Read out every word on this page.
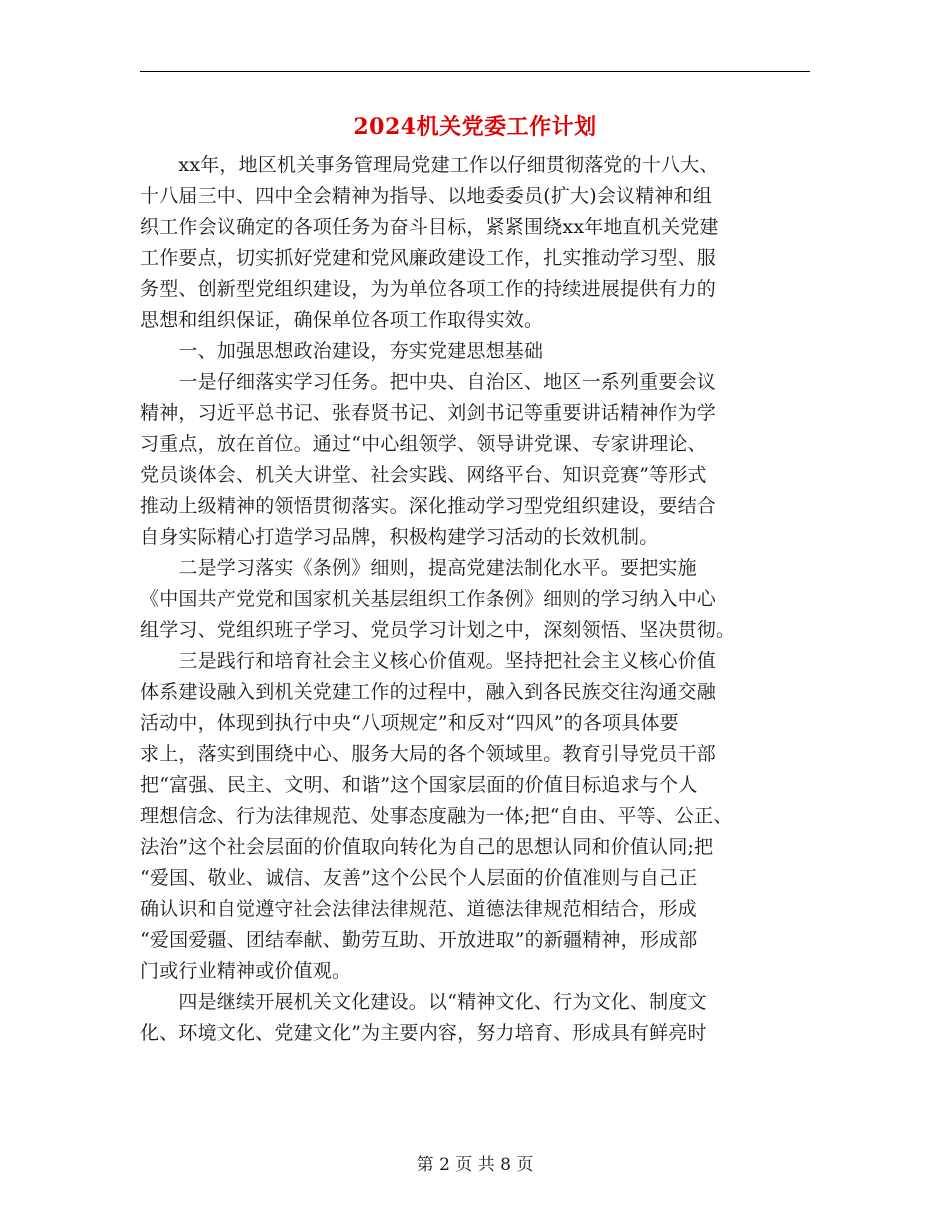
2024机关党委工作计划
　　xx年，地区机关事务管理局党建工作以仔细贯彻落党的十八大、
十八届三中、四中全会精神为指导、以地委委员(扩大)会议精神和组
织工作会议确定的各项任务为奋斗目标，紧紧围绕xx年地直机关党建
工作要点，切实抓好党建和党风廉政建设工作，扎实推动学习型、服
务型、创新型党组织建设，为为单位各项工作的持续进展提供有力的
思想和组织保证，确保单位各项工作取得实效。
　　一、加强思想政治建设，夯实党建思想基础
　　一是仔细落实学习任务。把中央、自治区、地区一系列重要会议
精神，习近平总书记、张春贤书记、刘剑书记等重要讲话精神作为学
习重点，放在首位。通过“中心组领学、领导讲党课、专家讲理论、
党员谈体会、机关大讲堂、社会实践、网络平台、知识竞赛”等形式
推动上级精神的领悟贯彻落实。深化推动学习型党组织建设，要结合
自身实际精心打造学习品牌，积极构建学习活动的长效机制。
　　二是学习落实《条例》细则，提高党建法制化水平。要把实施
《中国共产党党和国家机关基层组织工作条例》细则的学习纳入中心
组学习、党组织班子学习、党员学习计划之中，深刻领悟、坚决贯彻。
　　三是践行和培育社会主义核心价值观。坚持把社会主义核心价值
体系建设融入到机关党建工作的过程中，融入到各民族交往沟通交融
活动中，体现到执行中央“八项规定”和反对“四风”的各项具体要
求上，落实到围绕中心、服务大局的各个领域里。教育引导党员干部
把“富强、民主、文明、和谐”这个国家层面的价值目标追求与个人
理想信念、行为法律规范、处事态度融为一体;把“自由、平等、公正、
法治”这个社会层面的价值取向转化为自己的思想认同和价值认同;把
“爱国、敬业、诚信、友善”这个公民个人层面的价值准则与自己正
确认识和自觉遵守社会法律法律规范、道德法律规范相结合，形成
“爱国爱疆、团结奉献、勤劳互助、开放进取”的新疆精神，形成部
门或行业精神或价值观。
　　四是继续开展机关文化建设。以“精神文化、行为文化、制度文
化、环境文化、党建文化”为主要内容，努力培育、形成具有鲜亮时
第 2 页 共 8 页
